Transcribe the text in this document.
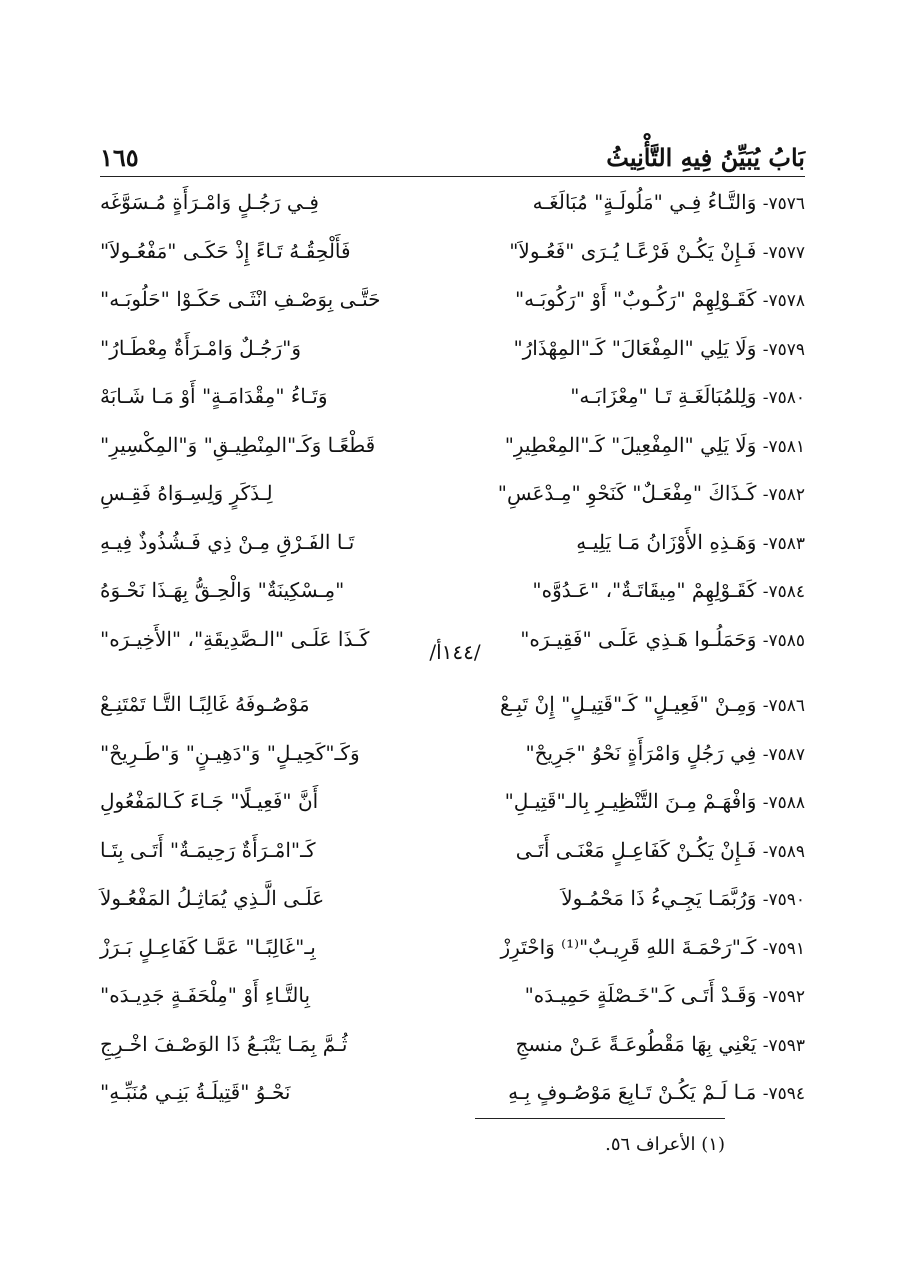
بَابُ يُبَيِّنُ فِيهِ التَّأْنِيثُ
١٦٥
٧٥٧٦- وَالتَّـاءُ فِـي "مَلُولَـةٍ" مُبَالَغَـه
فِـي رَجُـلٍ وَامْـرَأَةٍ مُـسَوَّغَه
٧٥٧٧- فَـإِنْ يَكُـنْ فَرْعًـا يُـرَى "فَعُـولاَ"
فَأَلْحِقُـهُ تَـاءً إِذْ حَكَـى "مَفْعُـولاَ"
٧٥٧٨- كَقَـوْلِهِمْ "رَكُـوبٌ" أَوْ "رَكُوبَـه"
حَتَّـى بِوَصْـفِ انْثَـى حَكَـوْا "حَلُوبَـه"
٧٥٧٩- وَلَا يَلِي "المِفْعَالَ" كَـ"المِهْذَارُ"
وَ"رَجُـلٌ وَامْـرَأَةٌ مِعْطَـارُ"
٧٥٨٠- وَلِلمُبَالَغَـةِ تَـا "مِعْزَابَـه"
وَتَـاءُ "مِقْدَامَـةٍ" أَوْ مَـا شَـابَهْ
٧٥٨١- وَلَا يَلِي "المِفْعِيلَ" كَـ"المِعْطِيرِ"
قَطْعًـا وَكَـ"المِنْطِيـقِ" وَ"المِكْسِيرِ"
٧٥٨٢- كَـذَاكَ "مِفْعَـلٌ" كَنَحْوِ "مِـدْعَسِ"
لِـذَكَرٍ وَلِسِـوَاهُ فَقِـسِ
٧٥٨٣- وَهَـذِهِ الأَوْزَانُ مَـا يَلِيـهِ
تَـا الفَـرْقِ مِـنْ ذِي فَـشُذُوذٌ فِيـهِ
٧٥٨٤- كَقَـوْلِهِمْ "مِيقَاتَـةٌ"، "عَـدُوَّه"
"مِـسْكِينَةٌ" وَالْحِـقُّ بِهَـذَا نَحْـوَهُ
٧٥٨٥- وَحَمَلُـوا هَـذِي عَلَـى "فَقِيـرَه"
كَـذَا عَلَـى "الـصَّدِيقَةِ"، "الأَخِيـرَه"
/١٤٤أ/
٧٥٨٦- وَمِـنْ "فَعِيـلٍ" كَـ"قَتِيـلٍ" إِنْ تَبِـعْ
مَوْصُـوفَهُ غَالِبًـا التَّـا تَمْتَنِـعْ
٧٥٨٧- فِي رَجُلٍ وَامْرَأَةٍ نَحْوُ "جَرِيحْ"
وَكَـ"كَحِيـلٍ" وَ"دَهِيـنٍ" وَ"طَـرِيحْ"
٧٥٨٨- وَافْهَـمْ مِـنَ التَّنْظِيـرِ بِالـ"قَتِيـلِ"
أَنَّ "فَعِيـلًا" جَـاءَ كَـالمَفْعُولِ
٧٥٨٩- فَـإِنْ يَكُـنْ كَفَاعِـلٍ مَعْنَـى أَتَـى
كَـ"امْـرَأَةٌ رَحِيمَـةٌ" أَتَـى بِتَـا
٧٥٩٠- وَرُبَّمَـا يَجِـيءُ ذَا مَحْمُـولاَ
عَلَـى الَّـذِي يُمَاثِـلُ المَفْعُـولاَ
٧٥٩١- كَـ"رَحْمَـةَ اللهِ قَرِيـبٌ"⁽¹⁾ وَاحْتَرِزْ
بِـ"غَالِبًـا" عَمَّـا كَفَاعِـلٍ بَـرَزْ
٧٥٩٢- وَقَـدْ أَتَـى كَـ"خَـصْلَةٍ حَمِيـدَه"
بِالتَّـاءِ أَوْ "مِلْحَفَـةٍ جَدِيـدَه"
٧٥٩٣- يَعْنِي بِهَا مَقْطُوعَـةً عَـنْ منسجِ
ثُـمَّ بِمَـا يَتْبَـعُ ذَا الوَصْـفَ اخْـرِجِ
٧٥٩٤- مَـا لَـمْ يَكُـنْ تَـابِعَ مَوْصُـوفٍ بِـهِ
نَحْـوُ "قَتِيلَـةُ بَنِـي مُنَبِّـهِ"
(١) الأعراف ٥٦.
